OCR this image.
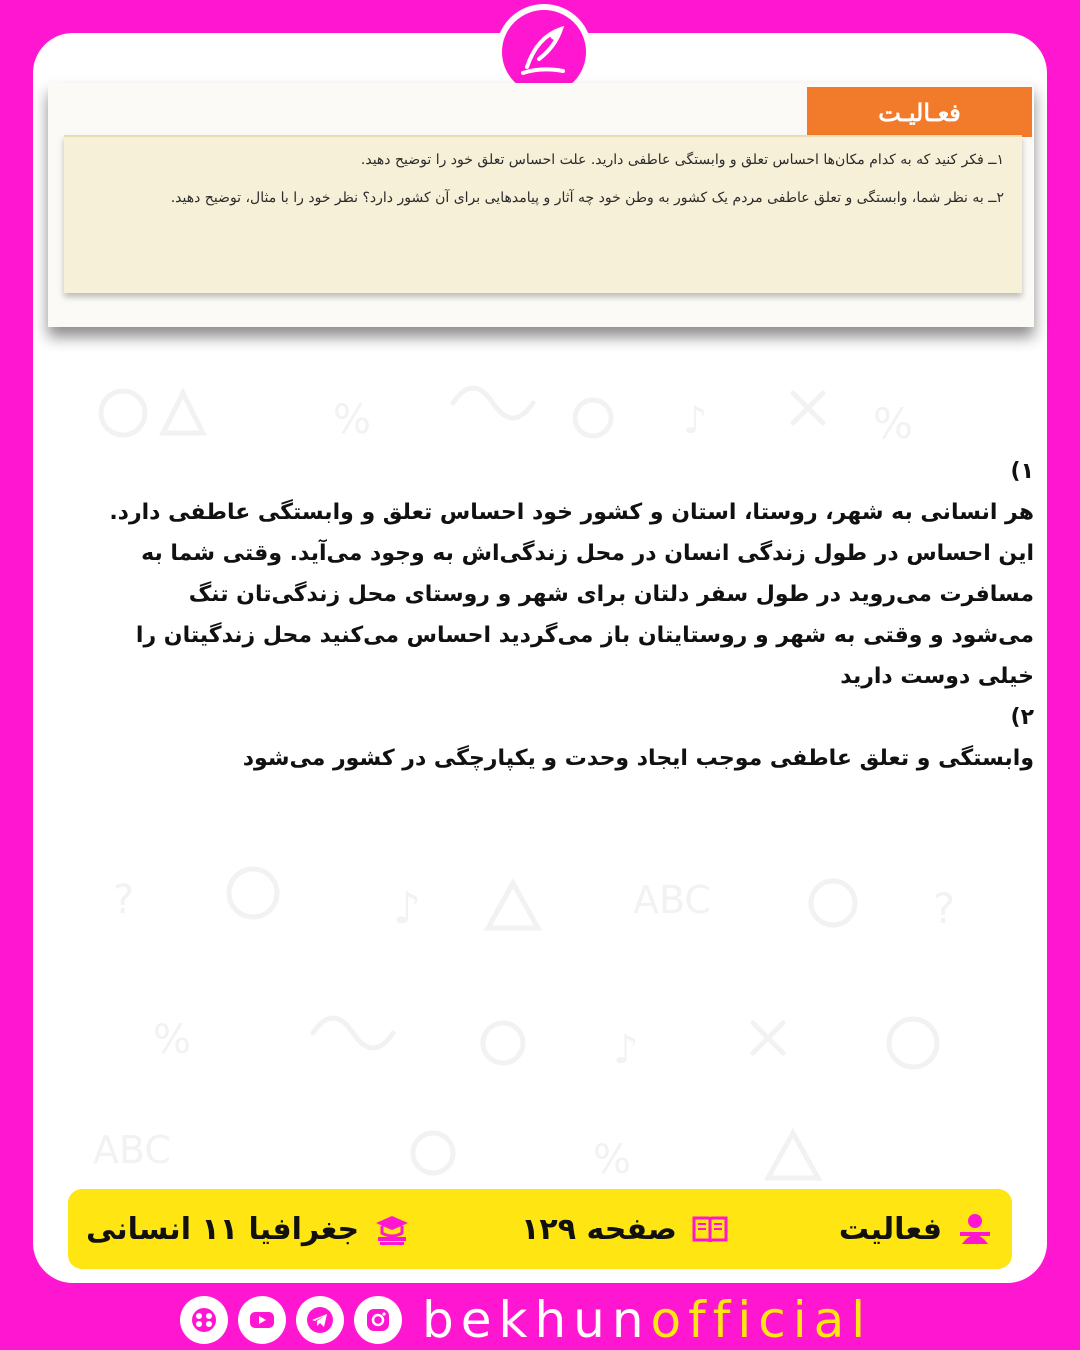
%	♪	%
?	♪	ABC	?
%	♪
ABC	%
فعـالیـت

۱ــ فکر کنید که به کدام مکان‌ها احساس تعلق و وابستگی عاطفی دارید. علت احساس تعلق خود را توضیح دهید.

۲ــ به نظر شما، وابستگی و تعلق عاطفی مردم یک کشور به وطن خود چه آثار و پیامدهایی برای آن کشور دارد؟ نظر خود را با مثال، توضیح دهید.

۱)

هر انسانی به شهر، روستا، استان و کشور خود احساس تعلق و وابستگی عاطفی دارد.

این احساس در طول زندگی انسان در محل زندگی‌اش به وجود می‌آید. وقتی شما به

مسافرت می‌روید در طول سفر دلتان برای شهر و روستای محل زندگی‌تان تنگ

می‌شود و وقتی به شهر و روستایتان باز می‌گردید احساس می‌کنید محل زندگیتان را

خیلی دوست دارید

۲)

وابستگی و تعلق عاطفی موجب ایجاد وحدت و یکپارچگی در کشور می‌شود

فعالیت
صفحه ۱۲۹
جغرافیا ۱۱ انسانی
bekhunofficial
